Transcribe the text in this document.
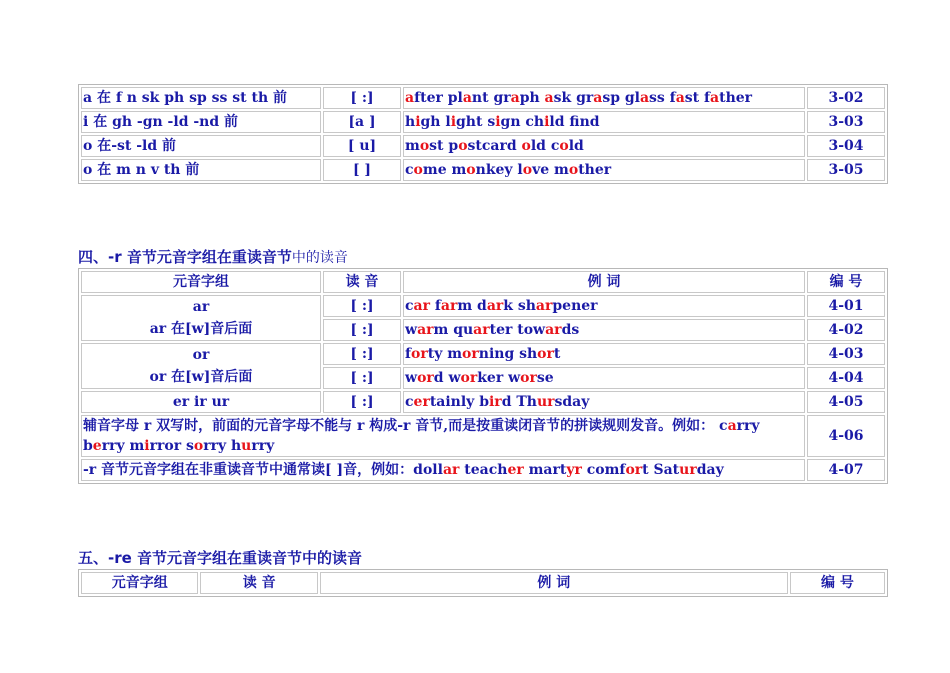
a 在 f n sk ph sp ss st th 前	[ :]	after plant graph ask grasp glass fast father	3-02
i 在 gh -gn -ld -nd 前	[a ]	high light sign child fnd	3-03
o 在-st -ld 前	[ u]	most postcard old cold	3-04
o 在 m n v th 前	[ ]	come monkey love mother	3-05
四、-r 音节元音字组在重读音节中的读音
元音字组	读 音	例 词	编 号

ar
ar 在[w]音后面	[ :]	car farm dark sharpener	4-01
	[ :]	warm quarter towards	4-02

or
or 在[w]音后面	[ :]	forty morning short	4-03
	[ :]	word worker worse	4-04
er ir ur	[ :]	certainly bird Thursday	4-05
辅音字母 r 双写时，前面的元音字母不能与 r 构成-r 音节,而是按重读闭音节的拼读规则发音。例如： carry berry mirror sorry hurry			4-06
-r 音节元音字组在非重读音节中通常读[ ]音，例如：dollar teacher martyr comfort Saturday			4-07
五、-re 音节元音字组在重读音节中的读音
元音字组	读 音	例 词	编 号
